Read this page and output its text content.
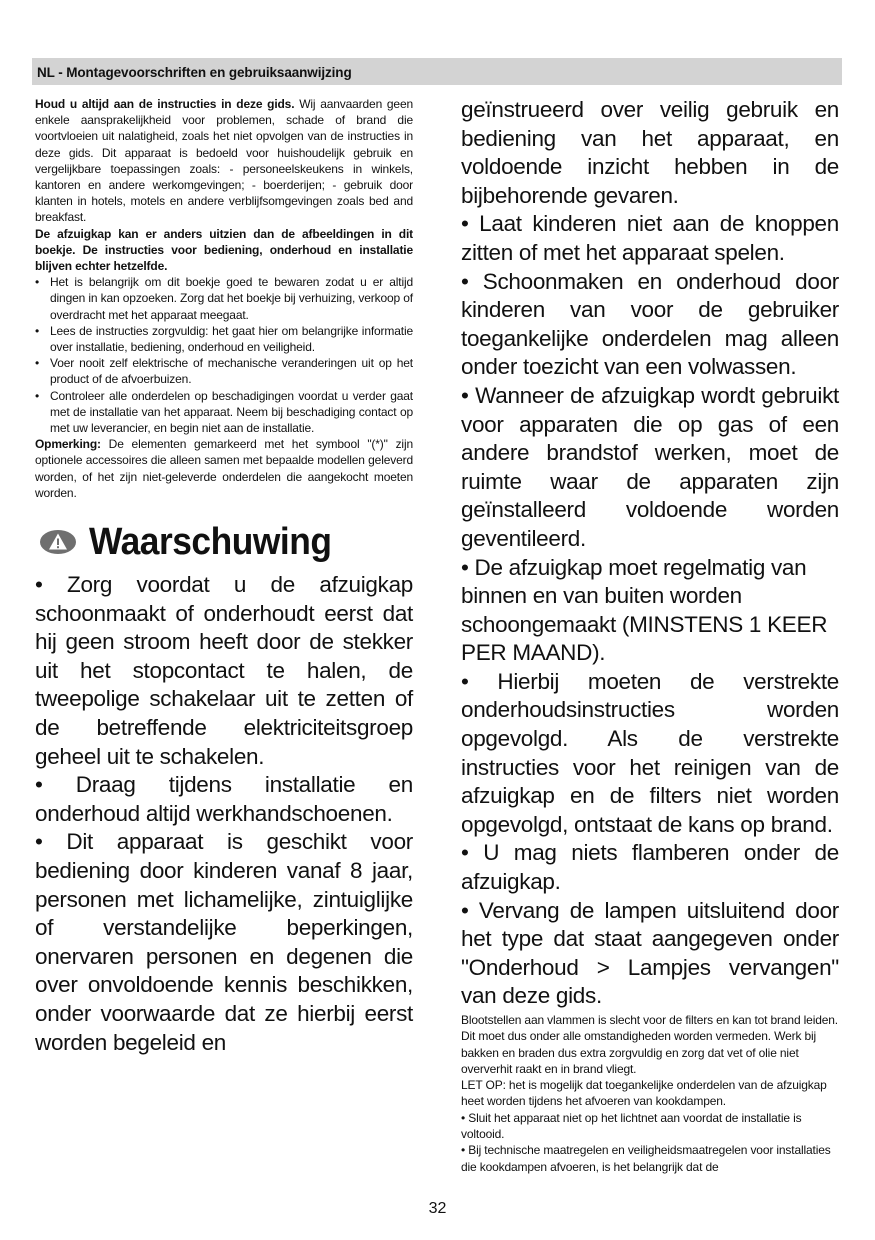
NL - Montagevoorschriften en gebruiksaanwijzing

Houd u altijd aan de instructies in deze gids. Wij aanvaarden geen enkele aansprakelijkheid voor problemen, schade of brand die voortvloeien uit nalatigheid, zoals het niet opvolgen van de instructies in deze gids. Dit apparaat is bedoeld voor huishoudelijk gebruik en vergelijkbare toepassingen zoals: - personeelskeukens in winkels, kantoren en andere werkomgevingen; - boerderijen; - gebruik door klanten in hotels, motels en andere verblijfsomgevingen zoals bed and breakfast.

De afzuigkap kan er anders uitzien dan de afbeeldingen in dit boekje. De instructies voor bediening, onderhoud en installatie blijven echter hetzelfde.

• Het is belangrijk om dit boekje goed te bewaren zodat u er altijd dingen in kan opzoeken. Zorg dat het boekje bij verhuizing, verkoop of overdracht met het apparaat meegaat.
• Lees de instructies zorgvuldig: het gaat hier om belangrijke informatie over installatie, bediening, onderhoud en veiligheid.
• Voer nooit zelf elektrische of mechanische veranderingen uit op het product of de afvoerbuizen.
• Controleer alle onderdelen op beschadigingen voordat u verder gaat met de installatie van het apparaat. Neem bij beschadiging contact op met uw leverancier, en begin niet aan de installatie.

Opmerking: De elementen gemarkeerd met het symbool "(*)" zijn optionele accessoires die alleen samen met bepaalde modellen geleverd worden, of het zijn niet-geleverde onderdelen die aangekocht moeten worden.

Waarschuwing

• Zorg voordat u de afzuigkap schoonmaakt of onderhoudt eerst dat hij geen stroom heeft door de stekker uit het stopcontact te halen, de tweepolige schakelaar uit te zetten of de betreffende elektriciteitsgroep geheel uit te schakelen.

• Draag tijdens installatie en onderhoud altijd werkhandschoenen.

• Dit apparaat is geschikt voor bediening door kinderen vanaf 8 jaar, personen met lichamelijke, zintuiglijke of verstandelijke beperkingen, onervaren personen en degenen die over onvoldoende kennis beschikken, onder voorwaarde dat ze hierbij eerst worden begeleid en

geïnstrueerd over veilig gebruik en bediening van het apparaat, en voldoende inzicht hebben in de bijbehorende gevaren.

• Laat kinderen niet aan de knoppen zitten of met het apparaat spelen.

• Schoonmaken en onderhoud door kinderen van voor de gebruiker toegankelijke onderdelen mag alleen onder toezicht van een volwassen.

• Wanneer de afzuigkap wordt gebruikt voor apparaten die op gas of een andere brandstof werken, moet de ruimte waar de apparaten zijn geïnstalleerd voldoende worden geventileerd.

• De afzuigkap moet regelmatig van
binnen en van buiten worden
schoongemaakt (MINSTENS 1 KEER
PER MAAND).

• Hierbij moeten de verstrekte onderhoudsinstructies worden opgevolgd. Als de verstrekte instructies voor het reinigen van de afzuigkap en de filters niet worden opgevolgd, ontstaat de kans op brand.

• U mag niets flamberen onder de afzuigkap.

• Vervang de lampen uitsluitend door het type dat staat aangegeven onder "Onderhoud > Lampjes vervangen" van deze gids.

Blootstellen aan vlammen is slecht voor de filters en kan tot brand leiden. Dit moet dus onder alle omstandigheden worden vermeden. Werk bij bakken en braden dus extra zorgvuldig en zorg dat vet of olie niet oververhit raakt en in brand vliegt.

LET OP: het is mogelijk dat toegankelijke onderdelen van de afzuigkap heet worden tijdens het afvoeren van kookdampen.

• Sluit het apparaat niet op het lichtnet aan voordat de installatie is voltooid.

• Bij technische maatregelen en veiligheidsmaatregelen voor installaties die kookdampen afvoeren, is het belangrijk dat de

32
